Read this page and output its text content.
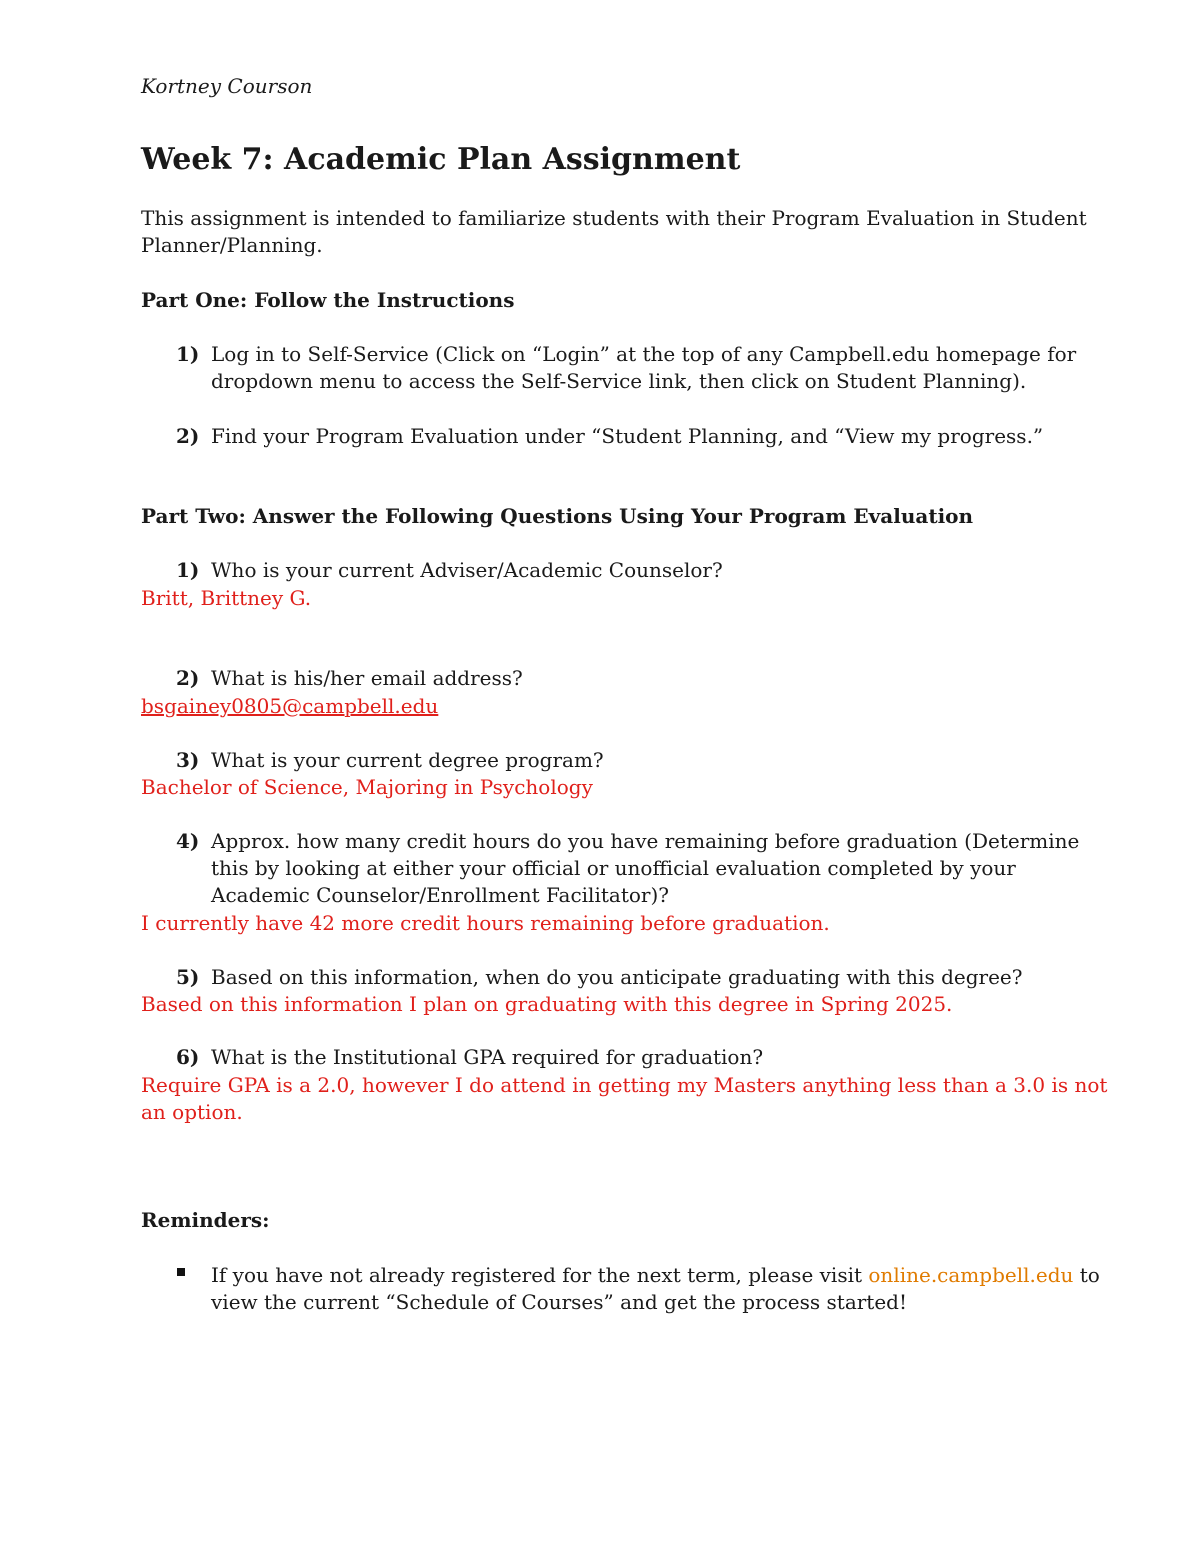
Kortney Courson
Week 7: Academic Plan Assignment
This assignment is intended to familiarize students with their Program Evaluation in Student
Planner/Planning.
Part One: Follow the Instructions
1) Log in to Self-Service (Click on “Login” at the top of any Campbell.edu homepage for
dropdown menu to access the Self-Service link, then click on Student Planning).
2) Find your Program Evaluation under “Student Planning, and “View my progress.”
Part Two: Answer the Following Questions Using Your Program Evaluation
1) Who is your current Adviser/Academic Counselor?
Britt, Brittney G.
2) What is his/her email address?
bsgainey0805@campbell.edu
3) What is your current degree program?
Bachelor of Science, Majoring in Psychology
4) Approx. how many credit hours do you have remaining before graduation (Determine
this by looking at either your official or unofficial evaluation completed by your
Academic Counselor/Enrollment Facilitator)?
I currently have 42 more credit hours remaining before graduation.
5) Based on this information, when do you anticipate graduating with this degree?
Based on this information I plan on graduating with this degree in Spring 2025.
6) What is the Institutional GPA required for graduation?
Require GPA is a 2.0, however I do attend in getting my Masters anything less than a 3.0 is not
an option.
Reminders:
If you have not already registered for the next term, please visit online.campbell.edu to
view the current “Schedule of Courses” and get the process started!
